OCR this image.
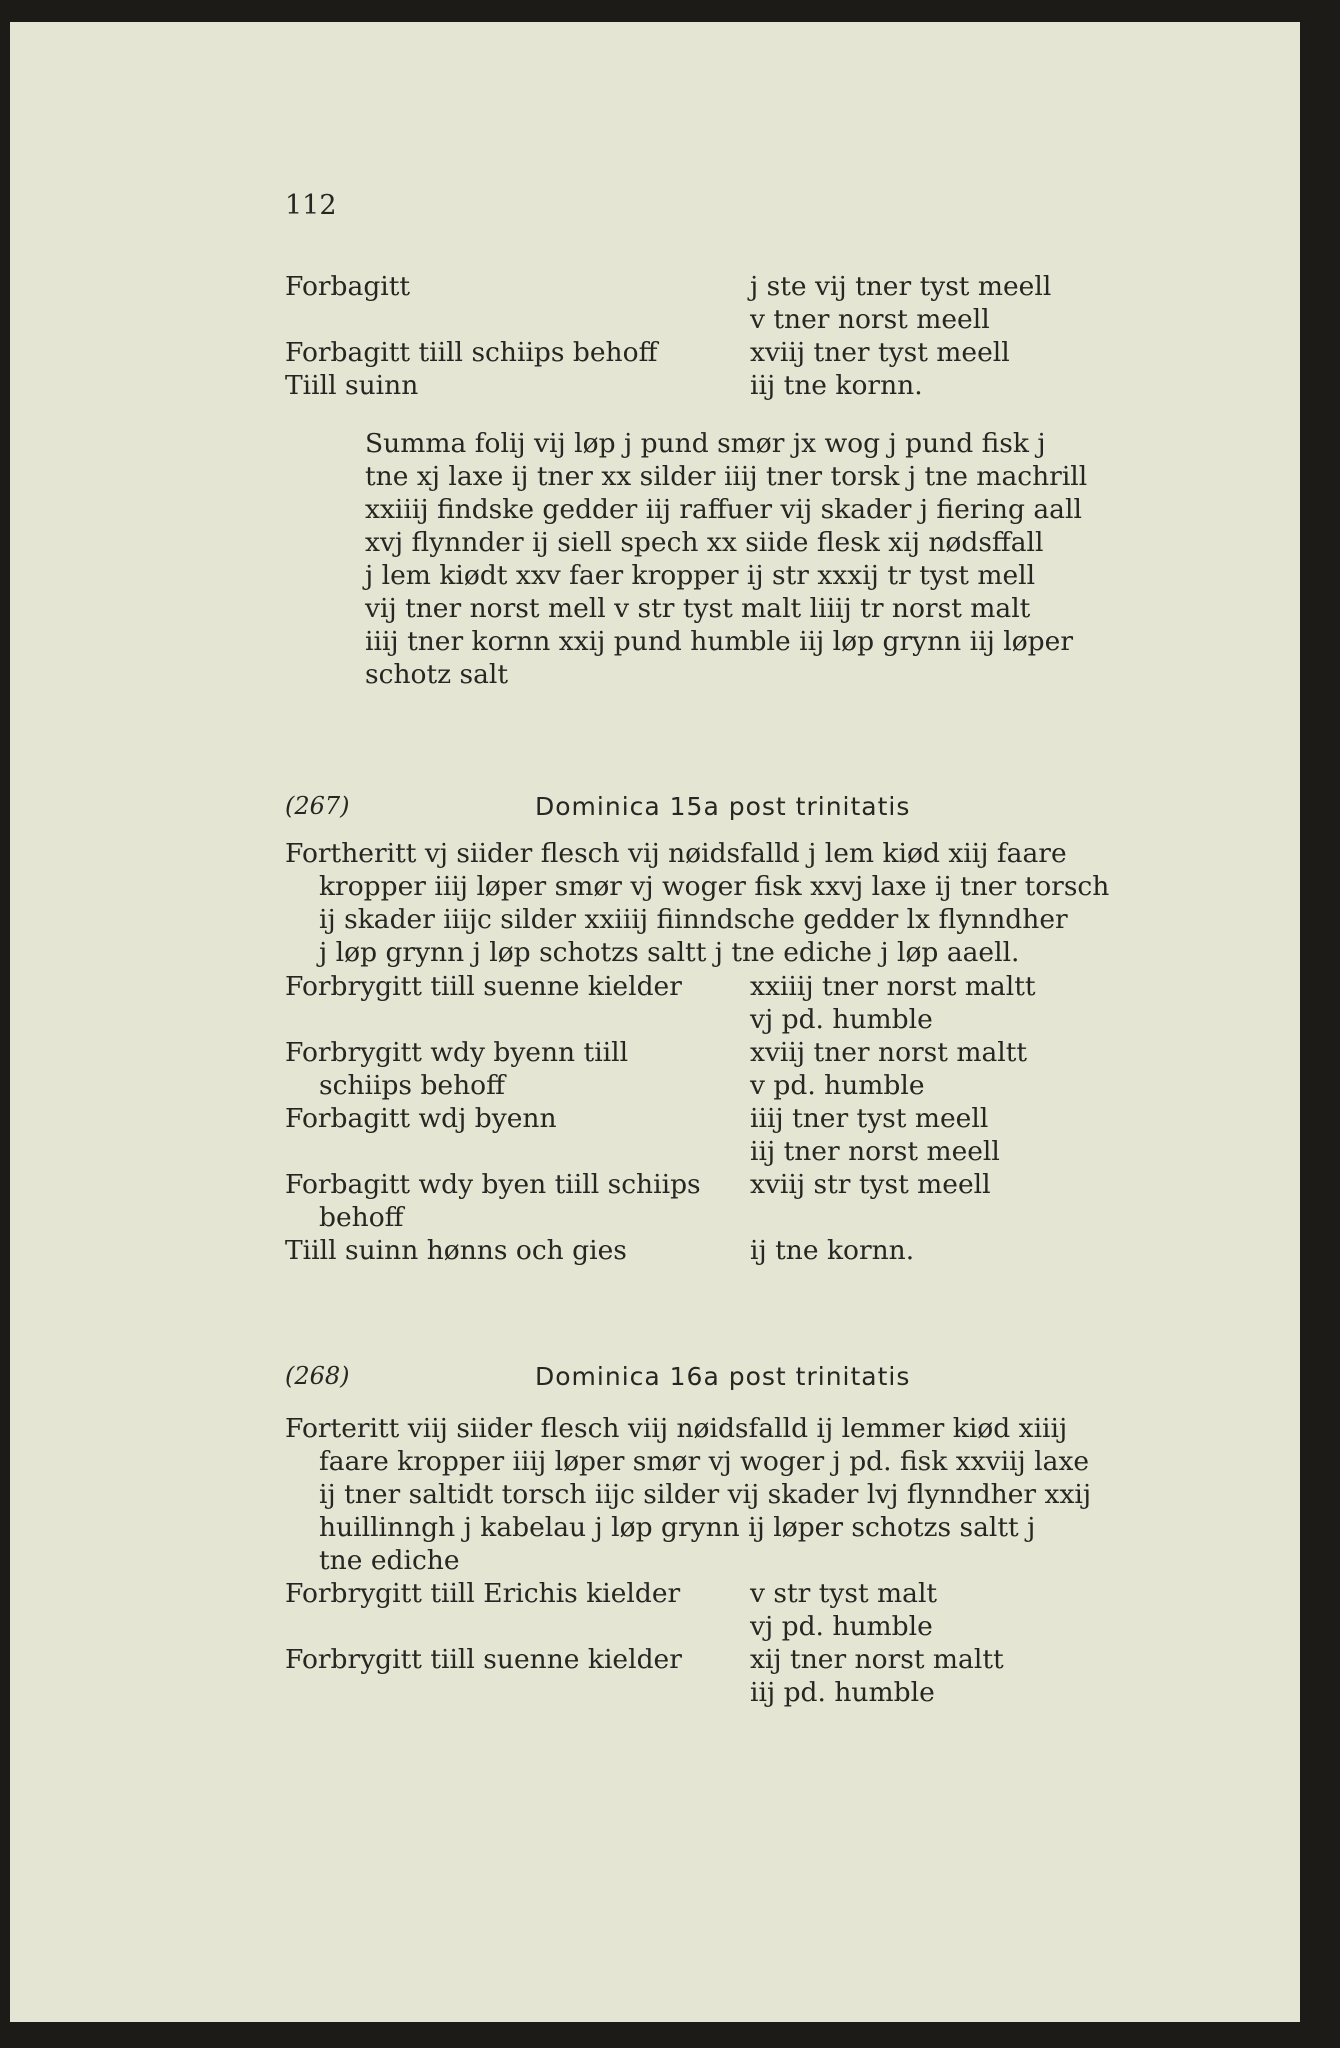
112
Forbagitt	j ste vij tner tyst meell
v tner norst meell
Forbagitt tiill schiips behoff	xviij tner tyst meell
Tiill suinn	iij tne kornn.
Summa folij vij løp j pund smør jx wog j pund fisk j
tne xj laxe ij tner xx silder iiij tner torsk j tne machrill
xxiiij findske gedder iij raffuer vij skader j fiering aall
xvj flynnder ij siell spech xx siide flesk xij nødsffall
j lem kiødt xxv faer kropper ij str xxxij tr tyst mell
vij tner norst mell v str tyst malt liiij tr norst malt
iiij tner kornn xxij pund humble iij løp grynn iij løper
schotz salt
(267)	Dominica 15a post trinitatis
Fortheritt vj siider flesch vij nøidsfalld j lem kiød xiij faare
kropper iiij løper smør vj woger fisk xxvj laxe ij tner torsch
ij skader iiijc silder xxiiij fiinndsche gedder lx flynndher
j løp grynn j løp schotzs saltt j tne ediche j løp aaell.
Forbrygitt tiill suenne kielder	xxiiij tner norst maltt
vj pd. humble
Forbrygitt wdy byenn tiill	xviij tner norst maltt
schiips behoff	v pd. humble
Forbagitt wdj byenn	iiij tner tyst meell
iij tner norst meell
Forbagitt wdy byen tiill schiips xviij str tyst meell
behoff
Tiill suinn hønns och gies	ij tne kornn.
(268)	Dominica 16a post trinitatis
Forteritt viij siider flesch viij nøidsfalld ij lemmer kiød xiiij
faare kropper iiij løper smør vj woger j pd. fisk xxviij laxe
ij tner saltidt torsch iijc silder vij skader lvj flynndher xxij
huillinngh j kabelau j løp grynn ij løper schotzs saltt j
tne ediche
Forbrygitt tiill Erichis kielder	v str tyst malt
vj pd. humble
Forbrygitt tiill suenne kielder	xij tner norst maltt
iij pd. humble
